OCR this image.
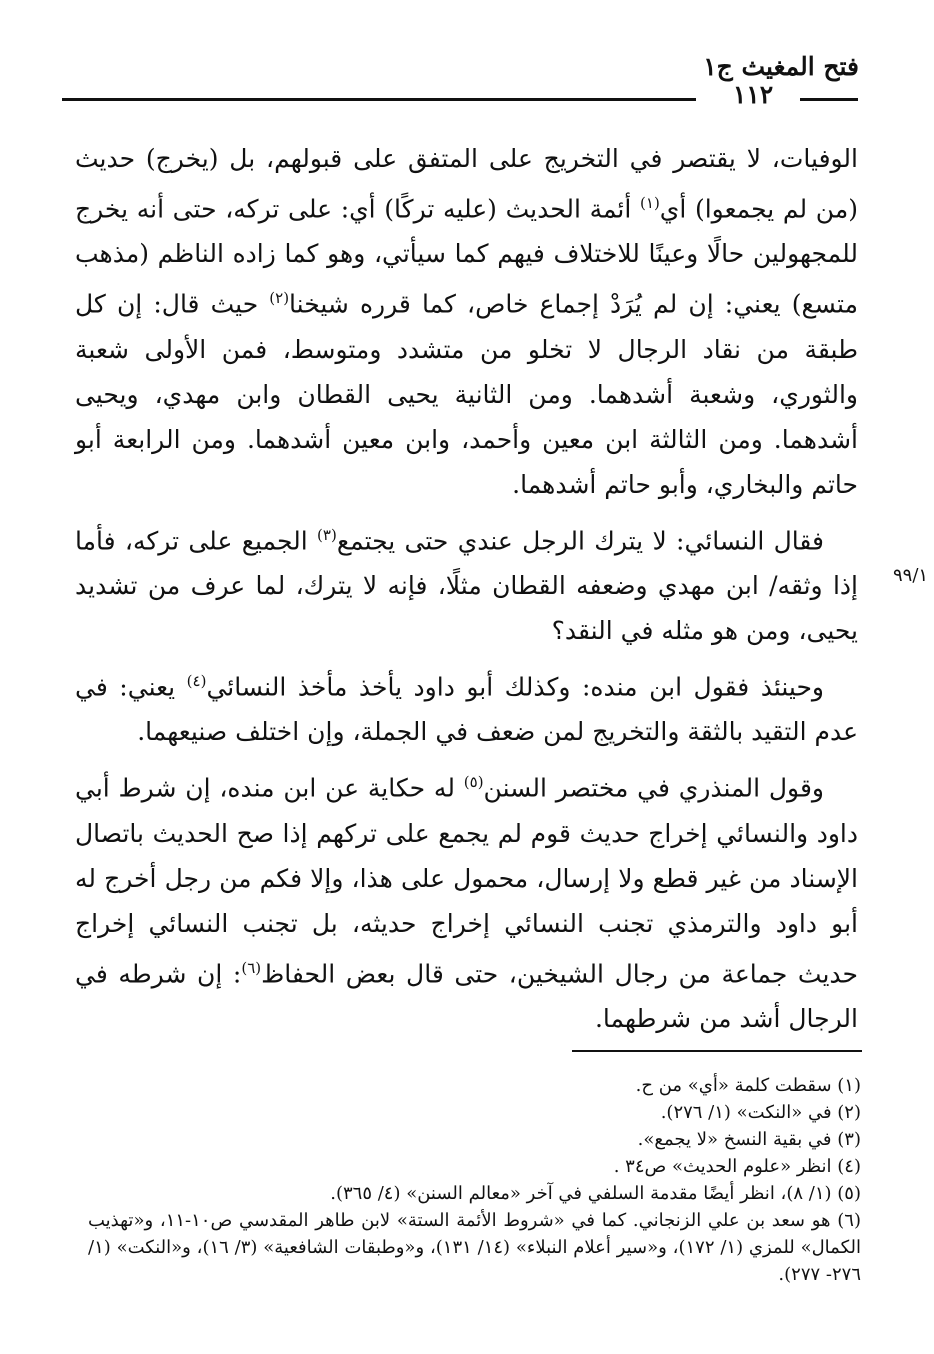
فتح المغيث ج١
١١٢

الوفيات، لا يقتصر في التخريج على المتفق على قبولهم، بل (يخرج) حديث (من لم يجمعوا) أي$^{(١)}$ أئمة الحديث (عليه تركًا) أي: على تركه، حتى أنه يخرج للمجهولين حالًا وعينًا للاختلاف فيهم كما سيأتي، وهو كما زاده الناظم (مذهب متسع) يعني: إن لم يُرَدْ إجماع خاص، كما قرره شيخنا$^{(٢)}$ حيث قال: إن كل طبقة من نقاد الرجال لا تخلو من متشدد ومتوسط، فمن الأولى شعبة والثوري، وشعبة أشدهما. ومن الثانية يحيى القطان وابن مهدي، ويحيى أشدهما. ومن الثالثة ابن معين وأحمد، وابن معين أشدهما. ومن الرابعة أبو حاتم والبخاري، وأبو حاتم أشدهما.

فقال النسائي: لا يترك الرجل عندي حتى يجتمع$^{(٣)}$ الجميع على تركه، فأما إذا وثقه/ ابن مهدي وضعفه القطان مثلًا، فإنه لا يترك، لما عرف من تشديد يحيى، ومن هو مثله في النقد؟

وحينئذ فقول ابن منده: وكذلك أبو داود يأخذ مأخذ النسائي$^{(٤)}$ يعني: في عدم التقيد بالثقة والتخريج لمن ضعف في الجملة، وإن اختلف صنيعهما.

وقول المنذري في مختصر السنن$^{(٥)}$ له حكاية عن ابن منده، إن شرط أبي داود والنسائي إخراج حديث قوم لم يجمع على تركهم إذا صح الحديث باتصال الإسناد من غير قطع ولا إرسال، محمول على هذا، وإلا فكم من رجل أخرج له أبو داود والترمذي تجنب النسائي إخراج حديثه، بل تجنب النسائي إخراج حديث جماعة من رجال الشيخين، حتى قال بعض الحفاظ$^{(٦)}$: إن شرطه في الرجال أشد من شرطهما.

٩٩/١
(١) سقطت كلمة «أي» من ح.
(٢) في «النكت» (١/ ٢٧٦).
(٣) في بقية النسخ «لا يجمع».
(٤) انظر «علوم الحديث» ص٣٤ .
(٥) (١/ ٨)، انظر أيضًا مقدمة السلفي في آخر «معالم السنن» (٤/ ٣٦٥).
(٦) هو سعد بن علي الزنجاني. كما في «شروط الأئمة الستة» لابن طاهر المقدسي ص١٠-١١، و«تهذيب الكمال» للمزي (١/ ١٧٢)، و«سير أعلام النبلاء» (١٤/ ١٣١)، و«وطبقات الشافعية» (٣/ ١٦)، و«النكت» (١/ ٢٧٦- ٢٧٧).
